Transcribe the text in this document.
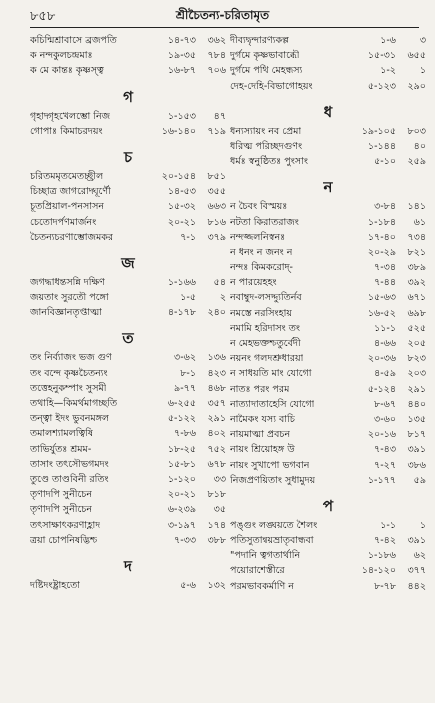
৮৫৮	শ্রীচৈতন্য-চরিতামৃত
কচিন্মিশ্রাবাসে ব্রজপতি	১৪-৭৩	৩৬২
ক নন্দকুলচন্দ্রমাঃ	১৯-৩৫	৭৮৪
ক মে কান্তঃ কৃষ্ণস্ত্ব	১৬-৮৭	৭০৬
গ
গৃহাদ্গৃহখেলম্ভো নিজ	১-১৫৩	৪৭
গোপাঃ কিমাচরদয়ং	১৬-১৪০	৭১৯
চ
চরিতমমৃতমেতচ্ছ্রীল	২০-১৫৪	৮৫১
চিচ্ছাত্র জাগরোদ্ঘূর্ণৌ	১৪-৫৩	৩৫৫
চূতপ্রিয়াল-পনসাসন	১৫-৩২	৬৬৩
চেতোদর্পণমার্জনং	২০-২১	৮১৬
চৈতন্যচরণাম্ভোজমকর	৭-১	৩৭৯
জ
জগদ্ধাধন্তসন্নি দক্ষিণ	১-১৬৬	৫৪
জয়তাং সুরতৌ পঙ্গো	১-৫	২
জানবিজ্ঞানতৃপ্তাত্মা	৪-১৭৮	২৪০
ত
তং নির্ব্যাজং ভজ গুণ	৩-৬২	১৩৬
তং বন্দে কৃষ্ণচৈতন্যং	৮-১	৪২৩
তত্তেহনুকম্পাং সুসমী	৯-৭৭	৪৬৮
তথাহি—কিমর্থমাগচ্ছতি	৬-২৫৫	৩৫৭
তন্ত্বা ইদং ভুবনমঙ্গল	৫-১২২	২৯১
তমালশ্যামলত্বিষি	৭-৮৬	৪০২
তাভির্যুতঃ শ্রমম-	১৮-২৫	৭৫২
তাসাং তৎসৌভগমদং	১৫-৮১	৬৭৮
তুণ্ডে তাণ্ডবিনী রতিং	১-১২০	৩৩
তৃণাদপি সুনীচেন	২০-২১	৮১৮
তৃণাদপি সুনীচেন	৬-২৩৯	৩৫
তৎসাক্ষাৎকরণাহ্লাদ	৩-১৯৭	১৭৪
ত্রয়া চোপনিষদ্ভিশ্চ	৭-৩৩	৩৮৮
দ
দষ্টিদংষ্ট্রাহতো	৫-৬	১৩২
দীব্যদ্বৃন্দারণ্যকল্প	১-৬	৩
দুর্গমে কৃষ্ণভাবাব্ধৌ	১৫-৩১	৬৫৫
দুর্গমে পথি মেহন্ধস্য	১-২	১
দেহ-দেহি-বিভাগোহয়ং	৫-১২৩	২৯০
ধ
ধন্যস্যায়ং নব প্রেমা	১৯-১০৫	৮০৩
ধরিত্ম পরিচ্ছদগুণং	১-১৪৪	৪০
ধর্মঃ স্বনুষ্ঠিতঃ পুংসাং	৫-১০	২৫৯
ন
ন চৈবং বিস্ময়ঃ	৩-৮৪	১৪১
নটতা কিরাতরাজং	১-১৮৪	৬১
নন্দজ্জলনিস্বনঃ	১৭-৪০	৭৩৪
ন ধনং ন জনং ন	২০-২৯	৮২১
নন্দঃ কিমকরোদ্-	৭-৩৪	৩৮৯
ন পারয়েহহং	৭-৪৪	৩৯২
নবাম্বুদ-লসদ্দ্যুতির্নব	১৫-৬৩	৬৭১
নমস্তে নরসিংহায়	১৬-৫২	৬৯৮
নমামি হরিদাসং তং	১১-১	৫২৫
ন মেহভক্তশ্চতুর্বেদী	৪-৬৬	২০৫
নয়নং গলদশ্রুধারয়া	২০-৩৬	৮২৩
ন সাধয়তি মাং যোগো	৪-৫৯	২০৩
নাতঃ পরং পরম	৫-১২৪	২৯১
নাত্যাদাতাহেসি যোগো	৮-৬৭	৪৪০
নামৈকং যস্য বাচি	৩-৬০	১৩৫
নায়মাত্মা প্রবচন	২০-১৬	৮১৭
নায়ং শ্রিয়োহঙ্গ উ	৭-৪৩	৩৯১
নায়ং সুখাপো ভগবান	৭-২৭	৩৮৬
নিজপ্রণয়িতাং সুধামুদয়	১-১৭৭	৫৯
প
পঙ্গুং লঙ্ঘয়তে শৈলং	১-১	১
পতিসুতান্বয়ভ্রাতৃবান্ধবা	৭-৪২	৩৯১
"পদানি ত্বগতার্থানি	১-১৮৬	৬২
পয়োরাশেস্তীরে	১৪-১২০	৩৭৭
পরমভাবকর্মাণি ন	৮-৭৮	৪৪২
